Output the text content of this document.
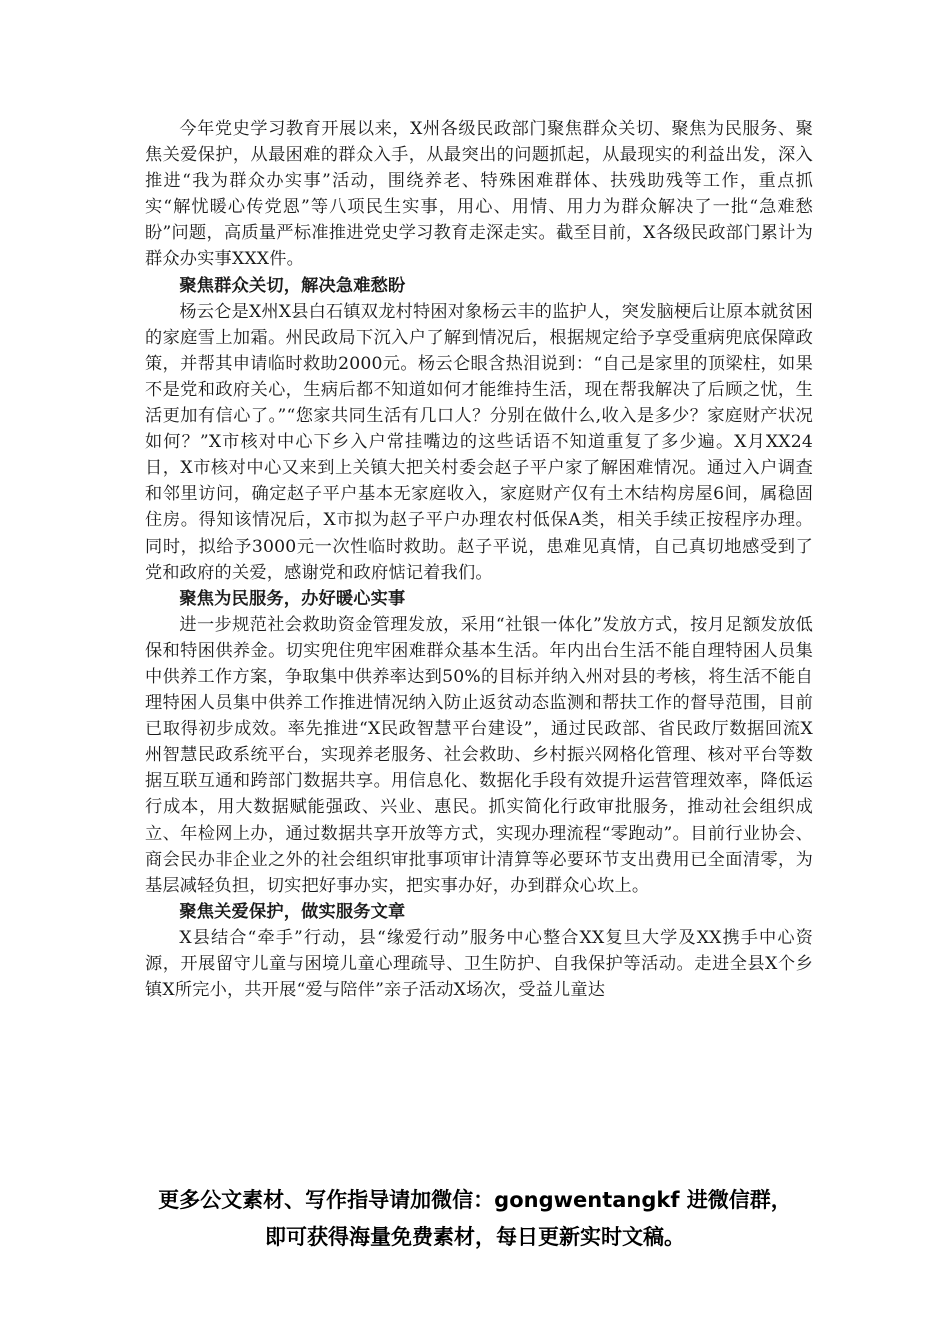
今年党史学习教育开展以来，X州各级民政部门聚焦群众关切、聚焦为民服务、聚焦关爱保护，从最困难的群众入手，从最突出的问题抓起，从最现实的利益出发，深入推进“我为群众办实事”活动，围绕养老、特殊困难群体、扶残助残等工作，重点抓实“解忧暖心传党恩”等八项民生实事，用心、用情、用力为群众解决了一批“急难愁盼”问题，高质量严标准推进党史学习教育走深走实。截至目前，X各级民政部门累计为群众办实事XXX件。

聚焦群众关切，解决急难愁盼

杨云仑是X州X县白石镇双龙村特困对象杨云丰的监护人，突发脑梗后让原本就贫困的家庭雪上加霜。州民政局下沉入户了解到情况后，根据规定给予享受重病兜底保障政策，并帮其申请临时救助2000元。杨云仑眼含热泪说到：“自己是家里的顶梁柱，如果不是党和政府关心，生病后都不知道如何才能维持生活，现在帮我解决了后顾之忧，生活更加有信心了。”“您家共同生活有几口人？分别在做什么,收入是多少？家庭财产状况如何？”X市核对中心下乡入户常挂嘴边的这些话语不知道重复了多少遍。X月XX24日，X市核对中心又来到上关镇大把关村委会赵子平户家了解困难情况。通过入户调查和邻里访问，确定赵子平户基本无家庭收入，家庭财产仅有土木结构房屋6间，属稳固住房。得知该情况后，X市拟为赵子平户办理农村低保A类，相关手续正按程序办理。同时，拟给予3000元一次性临时救助。赵子平说，患难见真情，自己真切地感受到了党和政府的关爱，感谢党和政府惦记着我们。

聚焦为民服务，办好暖心实事

进一步规范社会救助资金管理发放，采用“社银一体化”发放方式，按月足额发放低保和特困供养金。切实兜住兜牢困难群众基本生活。年内出台生活不能自理特困人员集中供养工作方案，争取集中供养率达到50%的目标并纳入州对县的考核，将生活不能自理特困人员集中供养工作推进情况纳入防止返贫动态监测和帮扶工作的督导范围，目前已取得初步成效。率先推进“X民政智慧平台建设”，通过民政部、省民政厅数据回流X州智慧民政系统平台，实现养老服务、社会救助、乡村振兴网格化管理、核对平台等数据互联互通和跨部门数据共享。用信息化、数据化手段有效提升运营管理效率，降低运行成本，用大数据赋能强政、兴业、惠民。抓实简化行政审批服务，推动社会组织成立、年检网上办，通过数据共享开放等方式，实现办理流程“零跑动”。目前行业协会、商会民办非企业之外的社会组织审批事项审计清算等必要环节支出费用已全面清零，为基层减轻负担，切实把好事办实，把实事办好，办到群众心坎上。

聚焦关爱保护，做实服务文章

X县结合“牵手”行动，县“缘爱行动”服务中心整合XX复旦大学及XX携手中心资源，开展留守儿童与困境儿童心理疏导、卫生防护、自我保护等活动。走进全县X个乡镇X所完小，共开展“爱与陪伴”亲子活动X场次，受益儿童达

更多公文素材、写作指导请加微信：gongwentangkf 进微信群，
即可获得海量免费素材，每日更新实时文稿。
